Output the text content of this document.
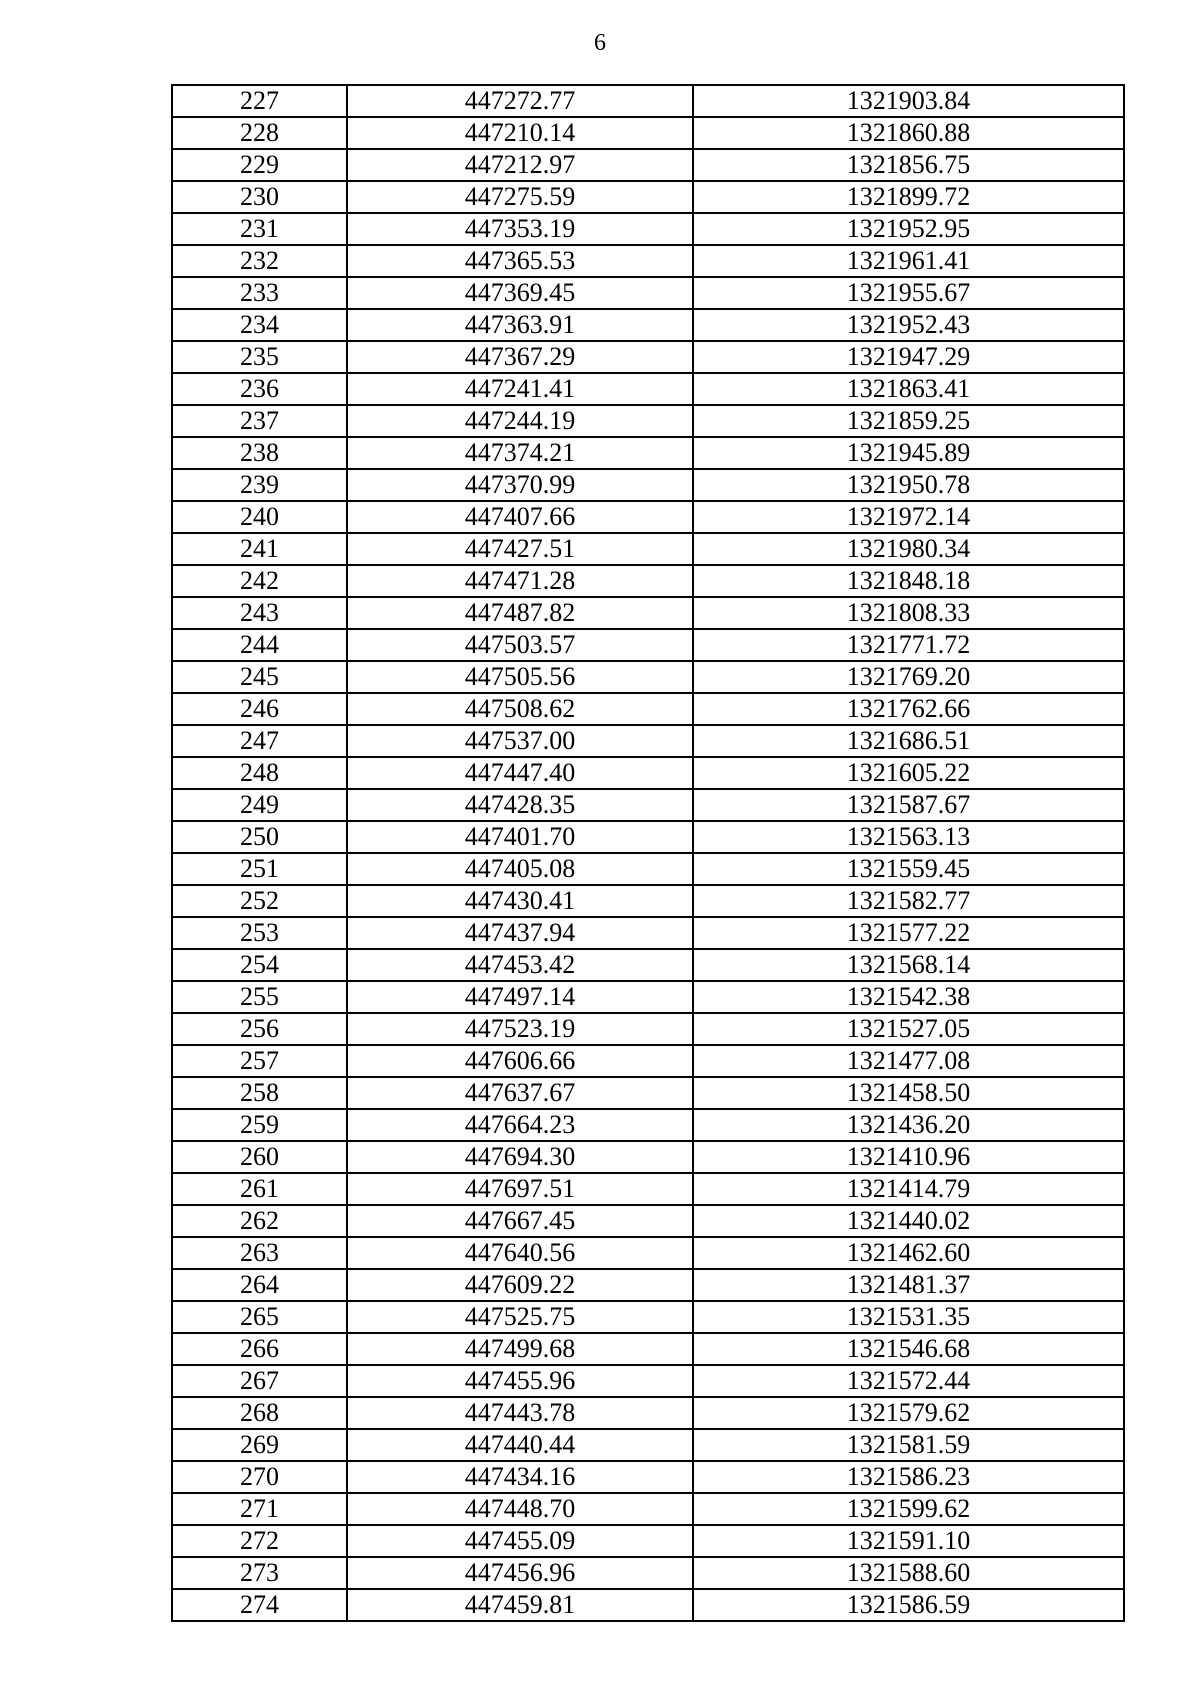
6
227	447272.77	1321903.84
228	447210.14	1321860.88
229	447212.97	1321856.75
230	447275.59	1321899.72
231	447353.19	1321952.95
232	447365.53	1321961.41
233	447369.45	1321955.67
234	447363.91	1321952.43
235	447367.29	1321947.29
236	447241.41	1321863.41
237	447244.19	1321859.25
238	447374.21	1321945.89
239	447370.99	1321950.78
240	447407.66	1321972.14
241	447427.51	1321980.34
242	447471.28	1321848.18
243	447487.82	1321808.33
244	447503.57	1321771.72
245	447505.56	1321769.20
246	447508.62	1321762.66
247	447537.00	1321686.51
248	447447.40	1321605.22
249	447428.35	1321587.67
250	447401.70	1321563.13
251	447405.08	1321559.45
252	447430.41	1321582.77
253	447437.94	1321577.22
254	447453.42	1321568.14
255	447497.14	1321542.38
256	447523.19	1321527.05
257	447606.66	1321477.08
258	447637.67	1321458.50
259	447664.23	1321436.20
260	447694.30	1321410.96
261	447697.51	1321414.79
262	447667.45	1321440.02
263	447640.56	1321462.60
264	447609.22	1321481.37
265	447525.75	1321531.35
266	447499.68	1321546.68
267	447455.96	1321572.44
268	447443.78	1321579.62
269	447440.44	1321581.59
270	447434.16	1321586.23
271	447448.70	1321599.62
272	447455.09	1321591.10
273	447456.96	1321588.60
274	447459.81	1321586.59
